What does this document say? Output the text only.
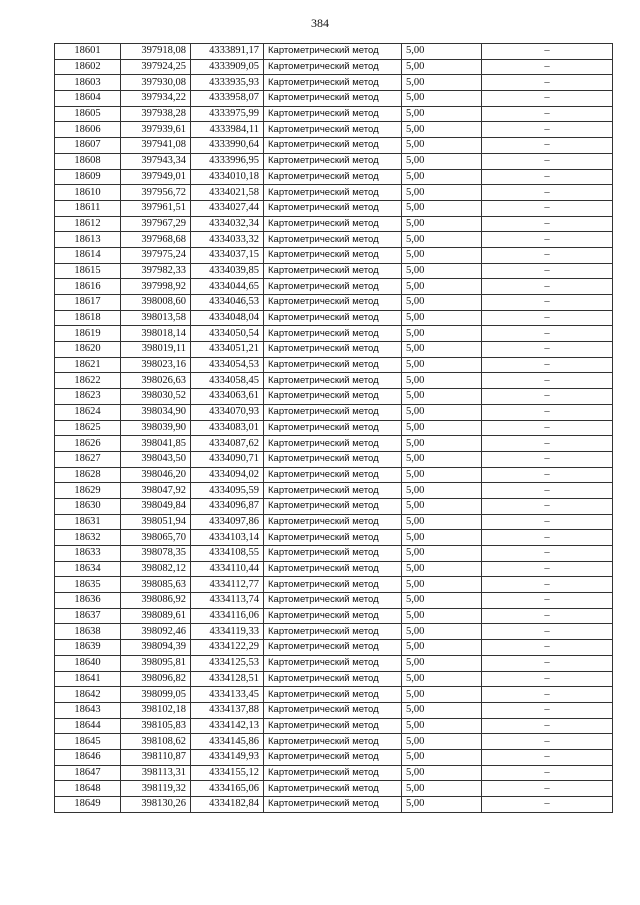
384
18601	397918,08	4333891,17	Картометрический метод	5,00	–
18602	397924,25	4333909,05	Картометрический метод	5,00	–
18603	397930,08	4333935,93	Картометрический метод	5,00	–
18604	397934,22	4333958,07	Картометрический метод	5,00	–
18605	397938,28	4333975,99	Картометрический метод	5,00	–
18606	397939,61	4333984,11	Картометрический метод	5,00	–
18607	397941,08	4333990,64	Картометрический метод	5,00	–
18608	397943,34	4333996,95	Картометрический метод	5,00	–
18609	397949,01	4334010,18	Картометрический метод	5,00	–
18610	397956,72	4334021,58	Картометрический метод	5,00	–
18611	397961,51	4334027,44	Картометрический метод	5,00	–
18612	397967,29	4334032,34	Картометрический метод	5,00	–
18613	397968,68	4334033,32	Картометрический метод	5,00	–
18614	397975,24	4334037,15	Картометрический метод	5,00	–
18615	397982,33	4334039,85	Картометрический метод	5,00	–
18616	397998,92	4334044,65	Картометрический метод	5,00	–
18617	398008,60	4334046,53	Картометрический метод	5,00	–
18618	398013,58	4334048,04	Картометрический метод	5,00	–
18619	398018,14	4334050,54	Картометрический метод	5,00	–
18620	398019,11	4334051,21	Картометрический метод	5,00	–
18621	398023,16	4334054,53	Картометрический метод	5,00	–
18622	398026,63	4334058,45	Картометрический метод	5,00	–
18623	398030,52	4334063,61	Картометрический метод	5,00	–
18624	398034,90	4334070,93	Картометрический метод	5,00	–
18625	398039,90	4334083,01	Картометрический метод	5,00	–
18626	398041,85	4334087,62	Картометрический метод	5,00	–
18627	398043,50	4334090,71	Картометрический метод	5,00	–
18628	398046,20	4334094,02	Картометрический метод	5,00	–
18629	398047,92	4334095,59	Картометрический метод	5,00	–
18630	398049,84	4334096,87	Картометрический метод	5,00	–
18631	398051,94	4334097,86	Картометрический метод	5,00	–
18632	398065,70	4334103,14	Картометрический метод	5,00	–
18633	398078,35	4334108,55	Картометрический метод	5,00	–
18634	398082,12	4334110,44	Картометрический метод	5,00	–
18635	398085,63	4334112,77	Картометрический метод	5,00	–
18636	398086,92	4334113,74	Картометрический метод	5,00	–
18637	398089,61	4334116,06	Картометрический метод	5,00	–
18638	398092,46	4334119,33	Картометрический метод	5,00	–
18639	398094,39	4334122,29	Картометрический метод	5,00	–
18640	398095,81	4334125,53	Картометрический метод	5,00	–
18641	398096,82	4334128,51	Картометрический метод	5,00	–
18642	398099,05	4334133,45	Картометрический метод	5,00	–
18643	398102,18	4334137,88	Картометрический метод	5,00	–
18644	398105,83	4334142,13	Картометрический метод	5,00	–
18645	398108,62	4334145,86	Картометрический метод	5,00	–
18646	398110,87	4334149,93	Картометрический метод	5,00	–
18647	398113,31	4334155,12	Картометрический метод	5,00	–
18648	398119,32	4334165,06	Картометрический метод	5,00	–
18649	398130,26	4334182,84	Картометрический метод	5,00	–
